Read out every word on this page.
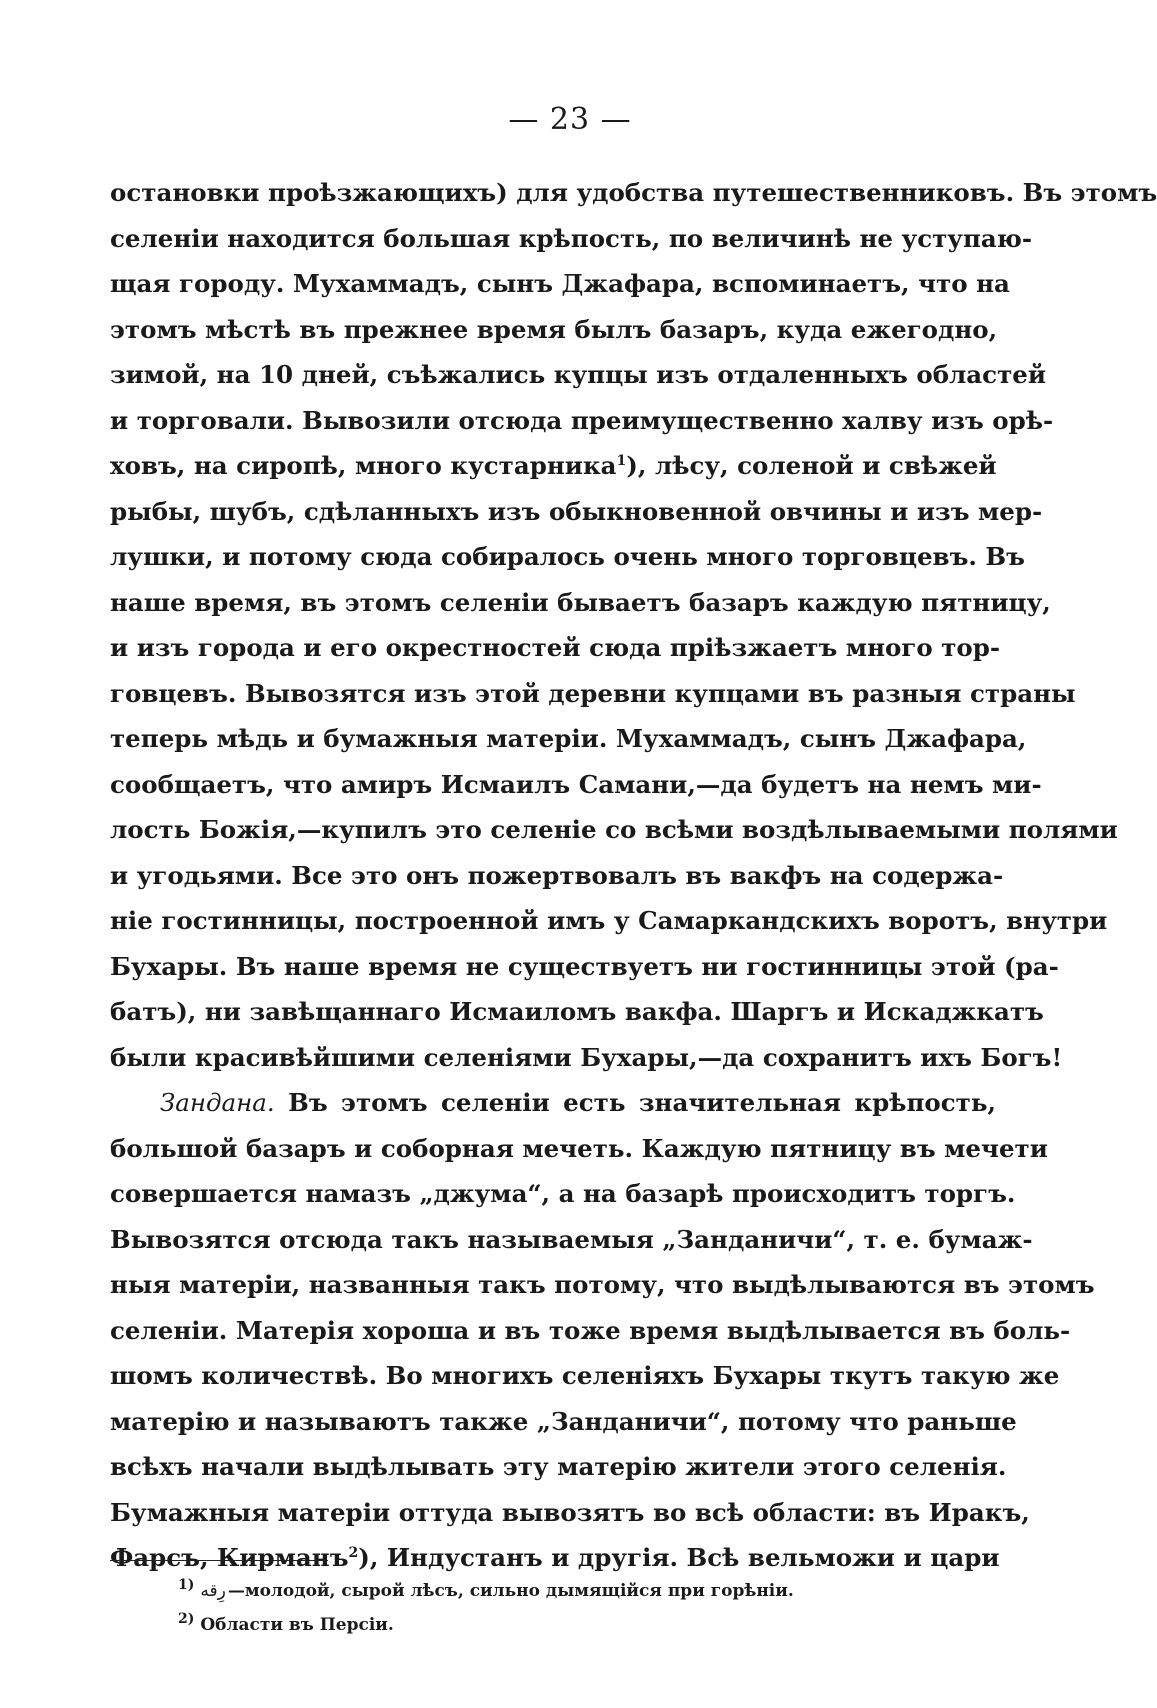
— 23 —
остановки проѣзжающихъ) для удобства путешественниковъ. Въ этомъ
селеніи находится большая крѣпость, по величинѣ не уступаю-
щая городу. Мухаммадъ, сынъ Джафара, вспоминаетъ, что на
этомъ мѣстѣ въ прежнее время былъ базаръ, куда ежегодно,
зимой, на 10 дней, съѣжались купцы изъ отдаленныхъ областей
и торговали. Вывозили отсюда преимущественно халву изъ орѣ-
ховъ, на сиропѣ, много кустарника$^1$), лѣсу, соленой и свѣжей
рыбы, шубъ, сдѣланныхъ изъ обыкновенной овчины и изъ мер-
лушки, и потому сюда собиралось очень много торговцевъ. Въ
наше время, въ этомъ селеніи бываетъ базаръ каждую пятницу,
и изъ города и его окрестностей сюда пріѣзжаетъ много тор-
говцевъ. Вывозятся изъ этой деревни купцами въ разныя страны
теперь мѣдь и бумажныя матеріи. Мухаммадъ, сынъ Джафара,
сообщаетъ, что амиръ Исмаилъ Самани,—да будетъ на немъ ми-
лость Божія,—купилъ это селеніе со всѣми воздѣлываемыми полями
и угодьями. Все это онъ пожертвовалъ въ вакфъ на содержа-
ніе гостинницы, построенной имъ у Самаркандскихъ воротъ, внутри
Бухары. Въ наше время не существуетъ ни гостинницы этой (ра-
батъ), ни завѣщаннаго Исмаиломъ вакфа. Шаргъ и Искаджкатъ
были красивѣйшими селеніями Бухары,—да сохранитъ ихъ Богъ!
Зандана. Въ этомъ селеніи есть значительная крѣпость,
большой базаръ и соборная мечеть. Каждую пятницу въ мечети
совершается намазъ „джума“, а на базарѣ происходитъ торгъ.
Вывозятся отсюда такъ называемыя „Занданичи“, т. е. бумаж-
ныя матеріи, названныя такъ потому, что выдѣлываются въ этомъ
селеніи. Матерія хороша и въ тоже время выдѣлывается въ боль-
шомъ количествѣ. Во многихъ селеніяхъ Бухары ткутъ такую же
матерію и называютъ также „Занданичи“, потому что раньше
всѣхъ начали выдѣлывать эту матерію жители этого селенія.
Бумажныя матеріи оттуда вывозятъ во всѣ области: въ Иракъ,
Фарсъ, Кирманъ$^2$), Индустанъ и другія. Всѣ вельможи и цари
$^{1)}$ رِقه —молодой, сырой лѣсъ, сильно дымящійся при горѣніи.
$^{2)}$ Области въ Персіи.
